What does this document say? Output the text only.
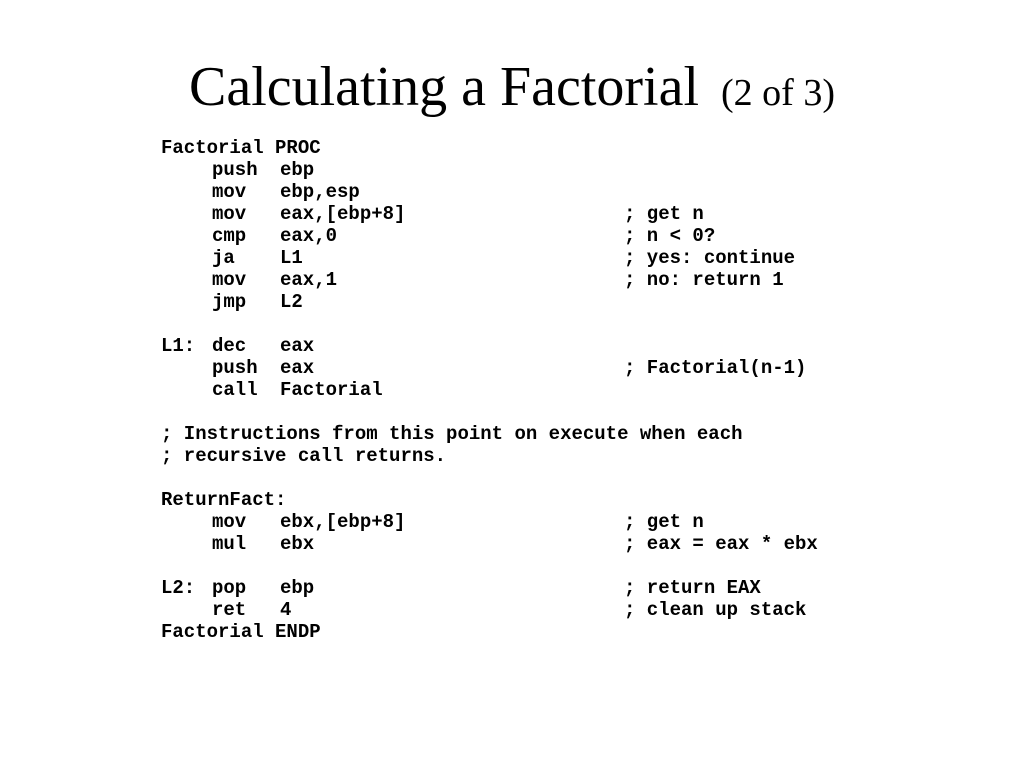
Calculating a Factorial (2 of 3)
Factorial PROC
push ebp
mov ebp,esp
mov eax,[ebp+8]	; get n
cmp eax,0	; n < 0?
ja L1	; yes: continue
mov eax,1	; no: return 1
jmp L2
L1: dec eax
push eax	; Factorial(n-1)
call Factorial
; Instructions from this point on execute when each
; recursive call returns.
ReturnFact:
mov ebx,[ebp+8]	; get n
mul ebx	; eax = eax * ebx
L2: pop ebp	; return EAX
ret 4	; clean up stack
Factorial ENDP
